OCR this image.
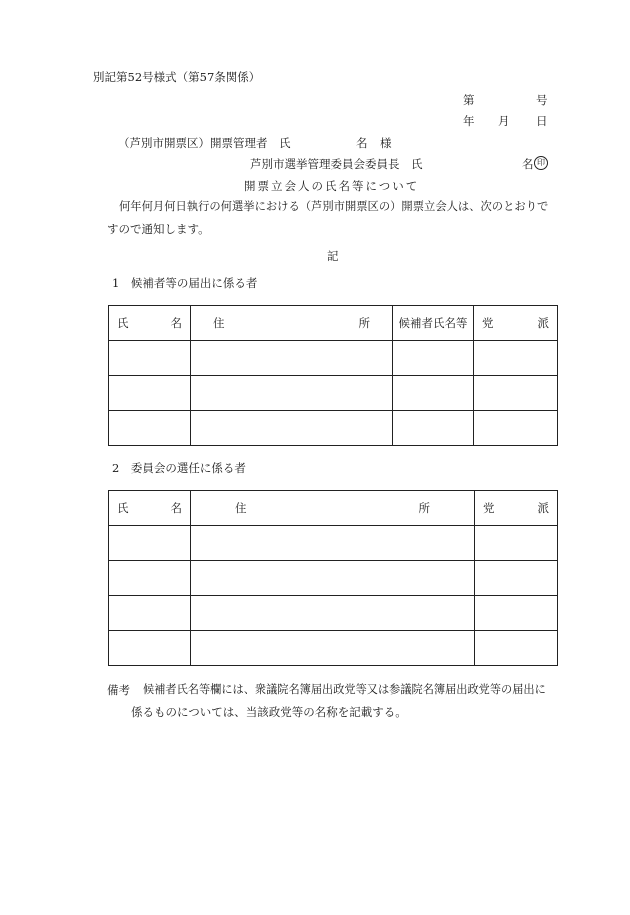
別記第52号様式（第57条関係）
第	号
年 月 日
（芦別市開票区）開票管理者　氏	名 様
芦別市選挙管理委員会委員長　氏	名 印
開票立会人の氏名等について
何年何月何日執行の何選挙における（芦別市開票区の）開票立会人は、次のとおりで
すので通知します。
記
1　候補者等の届出に係る者
氏 名	住 所	候補者氏名等	党 派

2　委員会の選任に係る者
氏 名	住 所	党 派

備考 候補者氏名等欄には、衆議院名簿届出政党等又は参議院名簿届出政党等の届出に
係るものについては、当該政党等の名称を記載する。
